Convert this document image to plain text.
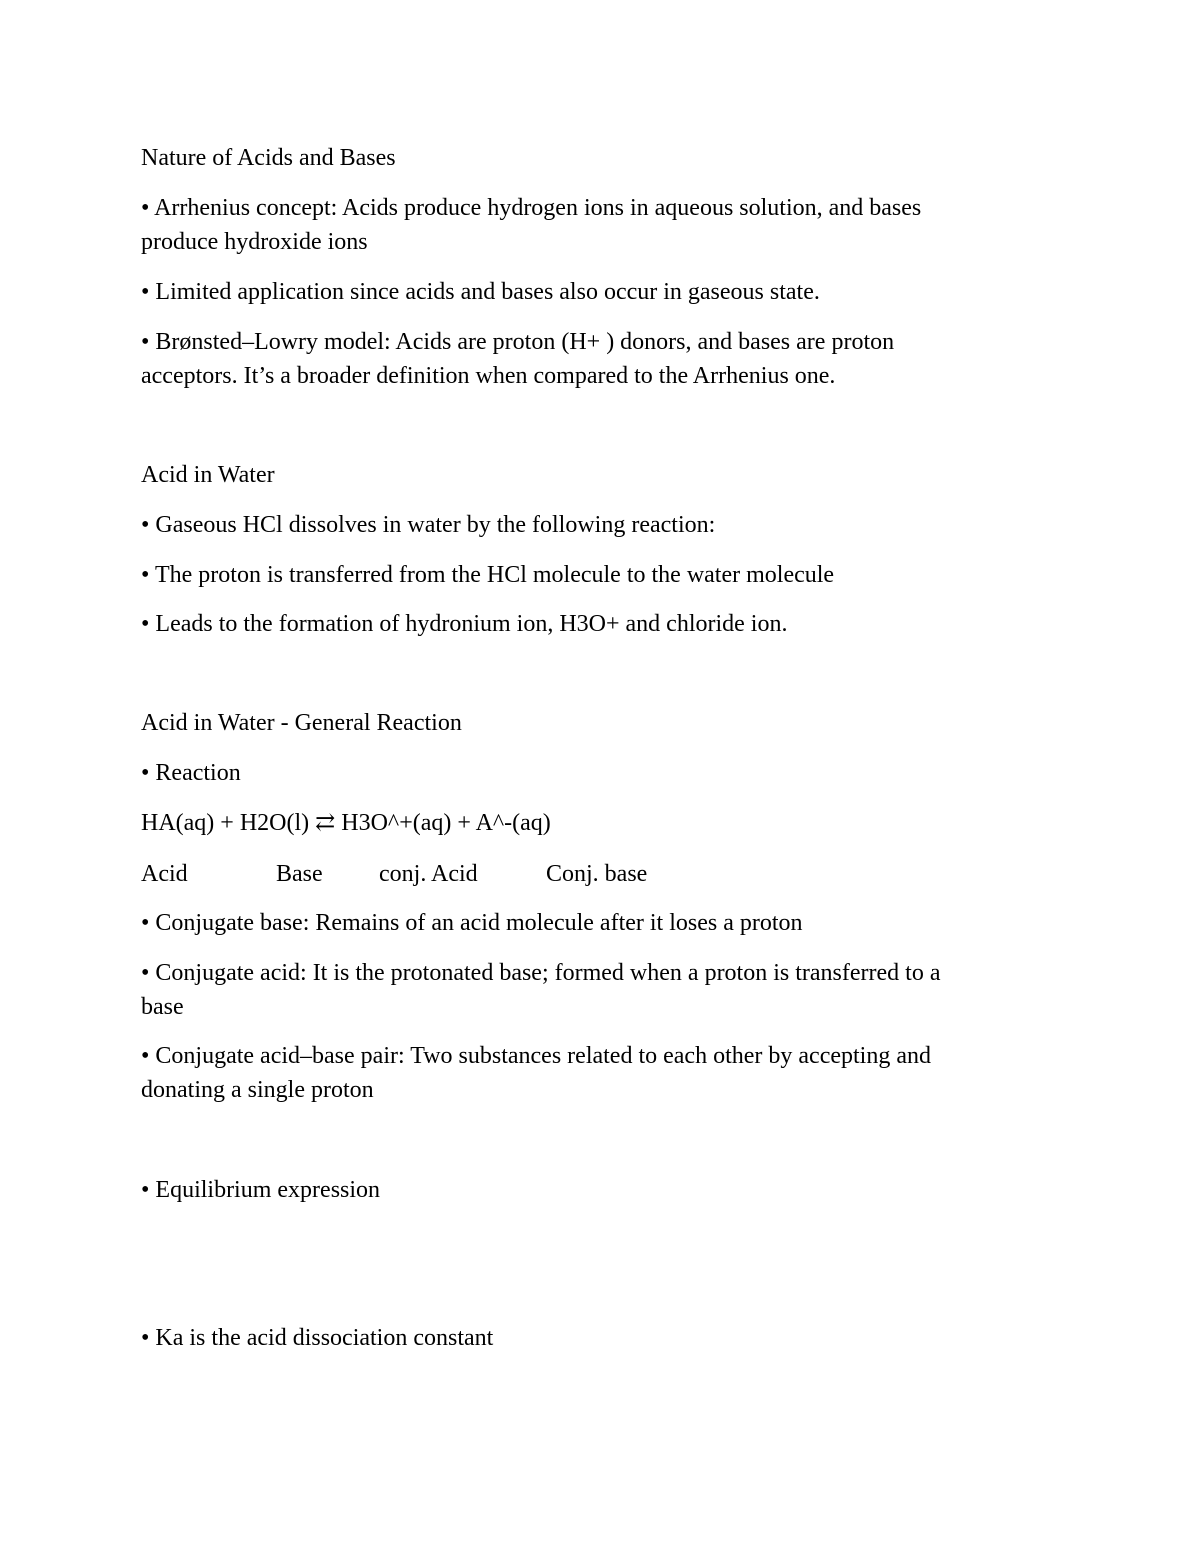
Nature of Acids and Bases
• Arrhenius concept: Acids produce hydrogen ions in aqueous solution, and bases
produce hydroxide ions
• Limited application since acids and bases also occur in gaseous state.
• Brønsted–Lowry model: Acids are proton (H+ ) donors, and bases are proton
acceptors. It’s a broader definition when compared to the Arrhenius one.
Acid in Water
• Gaseous HCl dissolves in water by the following reaction:
• The proton is transferred from the HCl molecule to the water molecule
• Leads to the formation of hydronium ion, H3O+ and chloride ion.
Acid in Water - General Reaction
• Reaction
HA(aq) + H2O(l) ⇄ H3O^+(aq) + A^-(aq)
Acid	Base conj. Acid	Conj. base
• Conjugate base: Remains of an acid molecule after it loses a proton
• Conjugate acid: It is the protonated base; formed when a proton is transferred to a
base
• Conjugate acid–base pair: Two substances related to each other by accepting and
donating a single proton
• Equilibrium expression
• Ka is the acid dissociation constant
